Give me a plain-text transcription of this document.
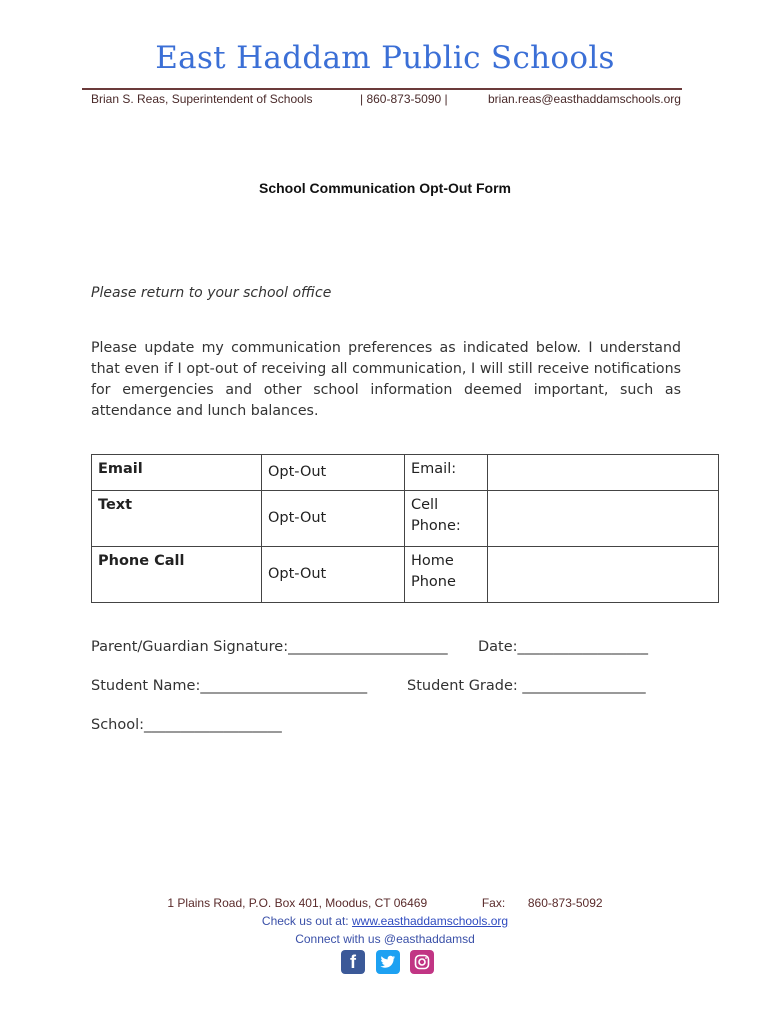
East Haddam Public Schools
Brian S. Reas, Superintendent of Schools	| 860-873-5090 |	brian.reas@easthaddamschools.org
School Communication Opt-Out Form
Please return to your school office
Please update my communication preferences as indicated below. I understand that even if I opt-out of receiving all communication, I will still receive notifications for emergencies and other school information deemed important, such as attendance and lunch balances.
Email	Opt-Out	Email:	
Text	Opt-Out	Cell Phone:	
Phone Call	Opt-Out	Home Phone	
Parent/Guardian Signature:______________________ Date:__________________
Student Name:_______________________	Student Grade: _________________
School:___________________
1 Plains Road, P.O. Box 401, Moodus, CT 06469	Fax: 860-873-5092
Check us out at: www.easthaddamschools.org
Connect with us @easthaddamsd
f
